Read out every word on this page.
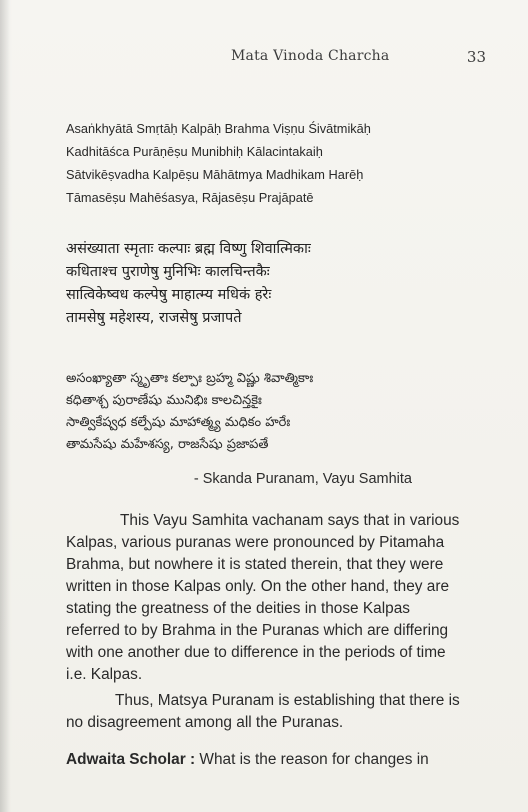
Mata Vinoda Charcha	33
Asaṅkhyātā Smṛtāḥ Kalpāḥ Brahma Viṣṇu Śivātmikāḥ
Kadhitāśca Purāṇēṣu Munibhiḥ Kālacintakaiḥ
Sātvikēṣvadha Kalpēṣu Māhātmya Madhikam Harēḥ
Tāmasēṣu Mahēśasya, Rājasēṣu Prajāpatē
असंख्याता स्मृताः कल्पाः ब्रह्म विष्णु शिवात्मिकाः
कधिताश्च पुराणेषु मुनिभिः कालचिन्तकैः
सात्विकेष्वध कल्पेषु माहात्म्य मधिकं हरेः
तामसेषु महेशस्य, राजसेषु प्रजापते
అసంఖ్యాతా స్మృతాః కల్పాః బ్రహ్మ విష్ణు శివాత్మికాః
కధితాశ్చ పురాణేషు మునిభిః కాలచిన్తకైః
సాత్వికేష్వధ కల్పేషు మాహాత్మ్య మధికం హరేః
తామసేషు మహేశస్య, రాజసేషు ప్రజాపతే
- Skanda Puranam, Vayu Samhita
This Vayu Samhita vachanam says that in various
Kalpas, various puranas were pronounced by Pitamaha
Brahma, but nowhere it is stated therein, that they were
written in those Kalpas only. On the other hand, they are
stating the greatness of the deities in those Kalpas
referred to by Brahma in the Puranas which are differing
with one another due to difference in the periods of time
i.e. Kalpas.
Thus, Matsya Puranam is establishing that there is
no disagreement among all the Puranas.
Adwaita Scholar : What is the reason for changes in
